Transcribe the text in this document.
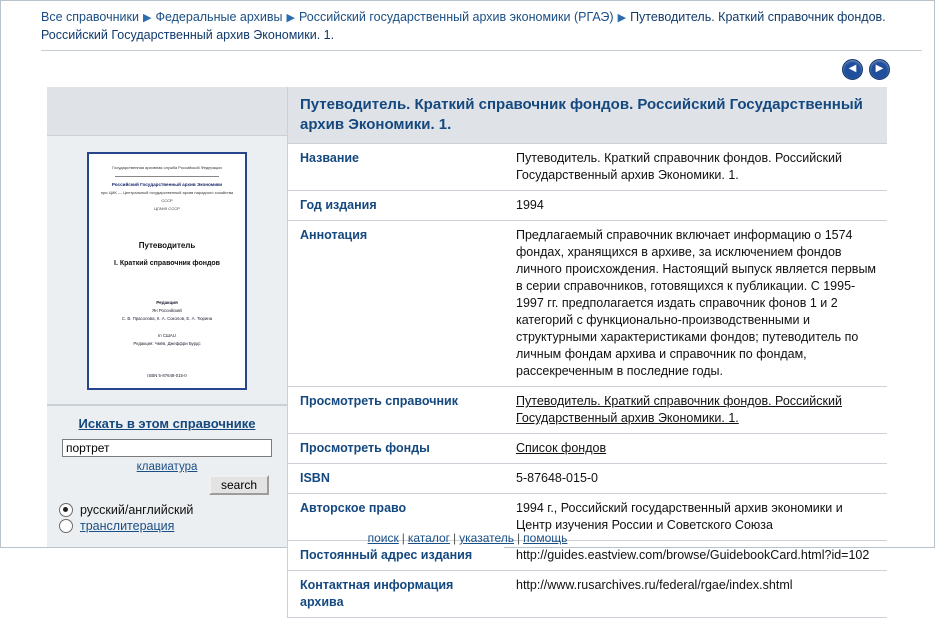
Все справочники ▶ Федеральные архивы ▶ Российский государственный архив экономики (РГАЭ) ▶ Путеводитель. Краткий справочник фондов. Российский Государственный архив Экономики. 1.
◀	▶
Государственная архивная служба Российской Федерации
Российский Государственный архив Экономики
при ЦИК — Центральный государственный архив народного хозяйства СССР
ЦГАНХ СССР
Путеводитель
I. Краткий справочник фондов
Редакция
Ян Российский
С. В. Прасолова, К. А. Соколов, Е. А. Тюрина
In СШАU
Редакция: Чмёв, Джеффри Бурдс
ISBN 5-87648-015-0
Искать в этом справочнике
портрет
клавиатура
search
русский/английский
транслитерация
Путеводитель. Краткий справочник фондов. Российский Государственный архив Экономики. 1.
Название	Путеводитель. Краткий справочник фондов. Российский Государственный архив Экономики. 1.
Год издания	1994
Аннотация	Предлагаемый справочник включает информацию о 1574 фондах, хранящихся в архиве, за исключением фондов личного происхождения. Настоящий выпуск является первым в серии справочников, готовящихся к публикации. С 1995-1997 гг. предполагается издать справочник фонов 1 и 2 категорий с функционально-производственными и структурными характеристиками фондов; путеводитель по личным фондам архива и справочник по фондам, рассекреченным в последние годы.
Просмотреть справочник	Путеводитель. Краткий справочник фондов. Российский Государственный архив Экономики. 1.
Просмотреть фонды	Список фондов
ISBN	5-87648-015-0
Авторское право	1994 г., Российский государственный архив экономики и Центр изучения России и Советского Союза
Постоянный адрес издания	http://guides.eastview.com/browse/GuidebookCard.html?id=102
Контактная информация архива	http://www.rusarchives.ru/federal/rgae/index.shtml
поиск | каталог | указатель | помощь
